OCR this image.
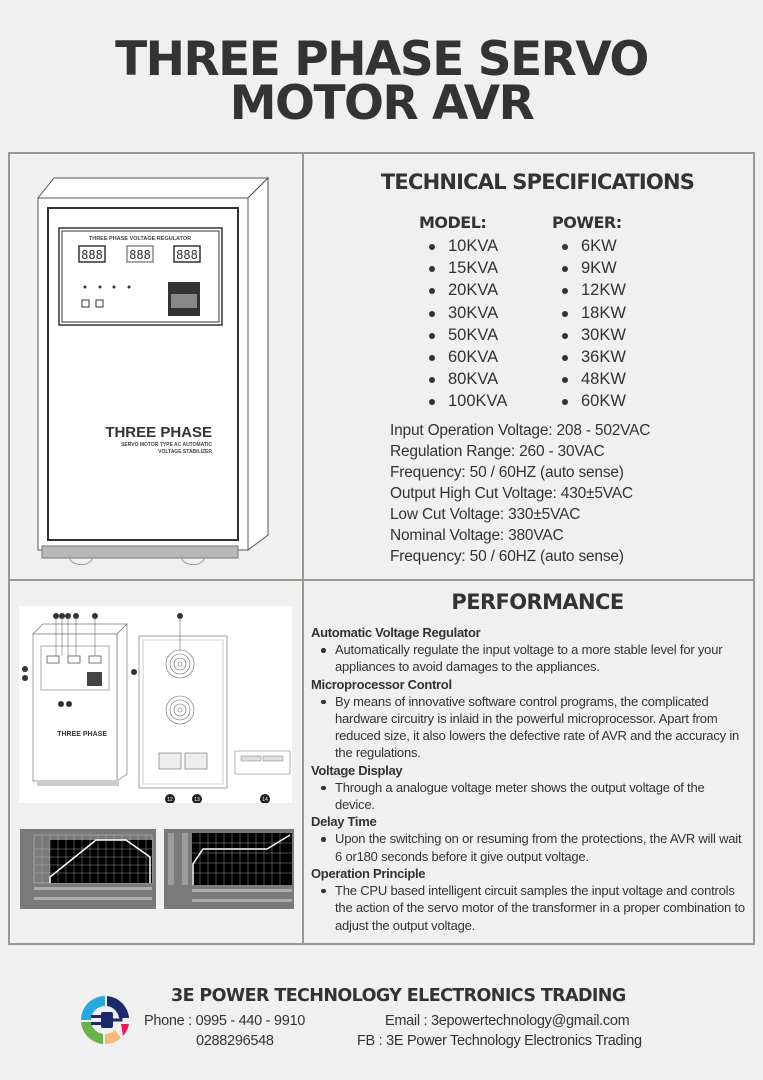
THREE PHASE SERVO
MOTOR AVR
THREE PHASE VOLTAGE REGULATOR
888 888 888
THREE PHASE
SERVO MOTOR TYPE AC AUTOMATIC
VOLTAGE STABILIZER
THREE PHASE
12	13	14
TECHNICAL SPECIFICATIONS
MODEL:
10KVA
15KVA
20KVA
30KVA
50KVA
60KVA
80KVA
100KVA
POWER:
6KW
9KW
12KW
18KW
30KW
36KW
48KW
60KW
Input Operation Voltage: 208 - 502VAC
Regulation Range: 260 - 30VAC
Frequency: 50 / 60HZ (auto sense)
Output High Cut Voltage: 430±5VAC
Low Cut Voltage: 330±5VAC
Nominal Voltage: 380VAC
Frequency: 50 / 60HZ (auto sense)
PERFORMANCE
Automatic Voltage Regulator
Automatically regulate the input voltage to a more stable level for your appliances to avoid damages to the appliances.
Microprocessor Control
By means of innovative software control programs, the complicated hardware circuitry is inlaid in the powerful microprocessor. Apart from reduced size, it also lowers the defective rate of AVR and the accuracy in the regulations.
Voltage Display
Through a analogue voltage meter shows the output voltage of the device.
Delay Time
Upon the switching on or resuming from the protections, the AVR will wait 6 or180 seconds before it give output voltage.
Operation Principle
The CPU based intelligent circuit samples the input voltage and controls the action of the servo motor of the transformer in a proper combination to adjust the output voltage.
3E POWER TECHNOLOGY ELECTRONICS TRADING
Phone : 0995 - 440 - 9910
0288296548
Email : 3epowertechnology@gmail.com
FB : 3E Power Technology Electronics Trading
